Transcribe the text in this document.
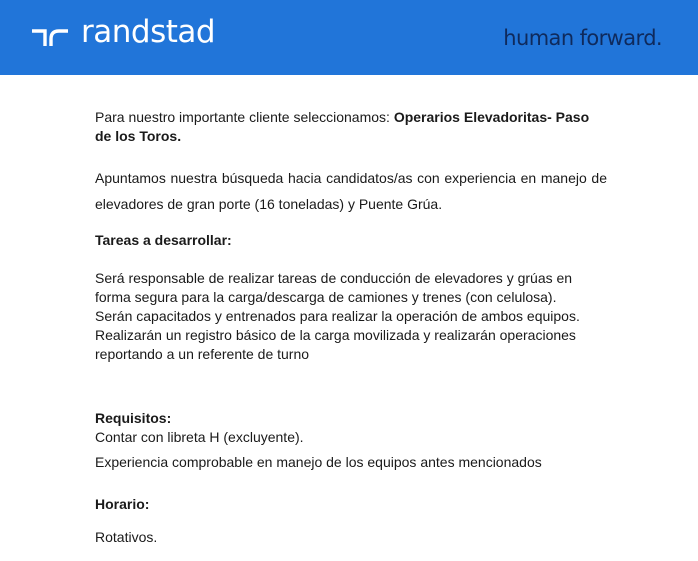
randstad	human forward.

Para nuestro importante cliente seleccionamos: Operarios Elevadoritas- Paso de los Toros.

Apuntamos nuestra búsqueda hacia candidatos/as con experiencia en manejo de elevadores de gran porte (16 toneladas) y Puente Grúa.

Tareas a desarrollar:

Será responsable de realizar tareas de conducción de elevadores y grúas en forma segura para la carga/descarga de camiones y trenes (con celulosa).
Serán capacitados y entrenados para realizar la operación de ambos equipos.
Realizarán un registro básico de la carga movilizada y realizarán operaciones reportando a un referente de turno

Requisitos:

Contar con libreta H (excluyente).
Experiencia comprobable en manejo de los equipos antes mencionados

Horario:

Rotativos.
